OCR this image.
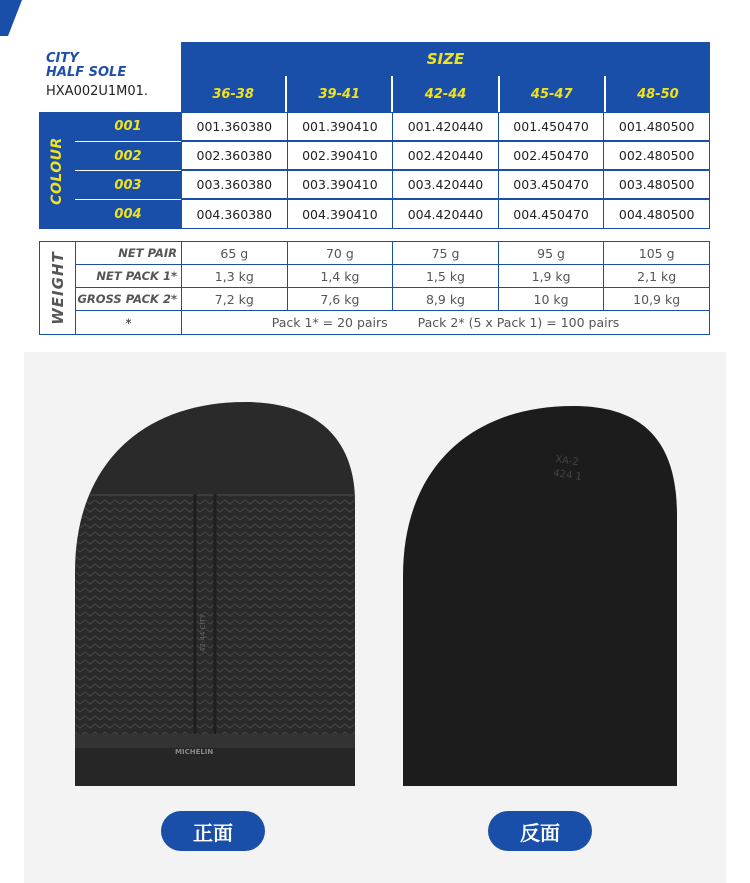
CITY
HALF SOLE
HXA002U1M01.
SIZE
36-38	39-41	42-44	45-47	48-50
COLOUR
001	001.360380	001.390410	001.420440	001.450470	001.480500
002	002.360380	002.390410	002.420440	002.450470	002.480500
003	003.360380	003.390410	003.420440	003.450470	003.480500
004	004.360380	004.390410	004.420440	004.450470	004.480500
WEIGHT	NET PAIR	65 g	70 g	75 g	95 g	105 g
NET PACK 1*	1,3 kg	1,4 kg	1,5 kg	1,9 kg	2,1 kg
GROSS PACK 2*	7,2 kg	7,6 kg	8,9 kg	10 kg	10,9 kg
*	Pack 1* = 20 pairs Pack 2* (5 x Pack 1) = 100 pairs
42-44 CITY
MICHELIN
XA-2
424 1
正面	反面
